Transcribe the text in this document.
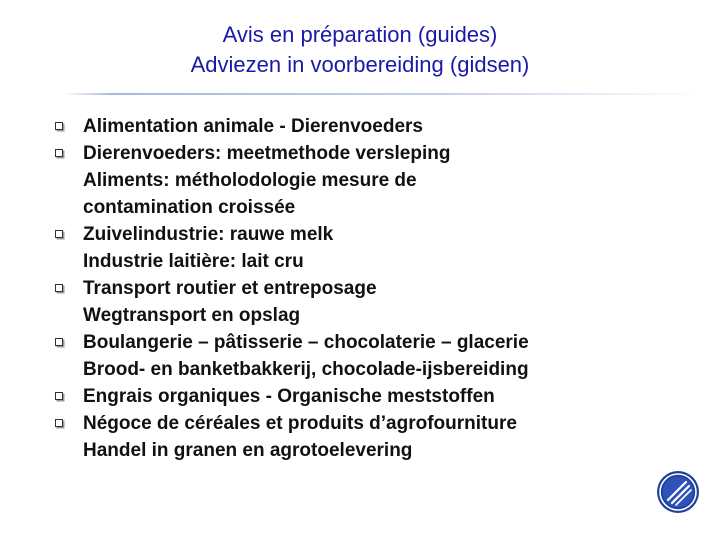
Avis en préparation (guides)
Adviezen in voorbereiding (gidsen)
Alimentation animale - Dierenvoeders
Dierenvoeders: meetmethode versleping
Aliments: métholodologie mesure de
contamination croissée
Zuivelindustrie: rauwe melk
Industrie laitière: lait cru
Transport routier et entreposage
Wegtransport en opslag
Boulangerie – pâtisserie – chocolaterie – glacerie
Brood- en banketbakkerij, chocolade-ijsbereiding
Engrais organiques - Organische meststoffen
Négoce de céréales et produits d’agrofourniture
Handel in granen en agrotoelevering
